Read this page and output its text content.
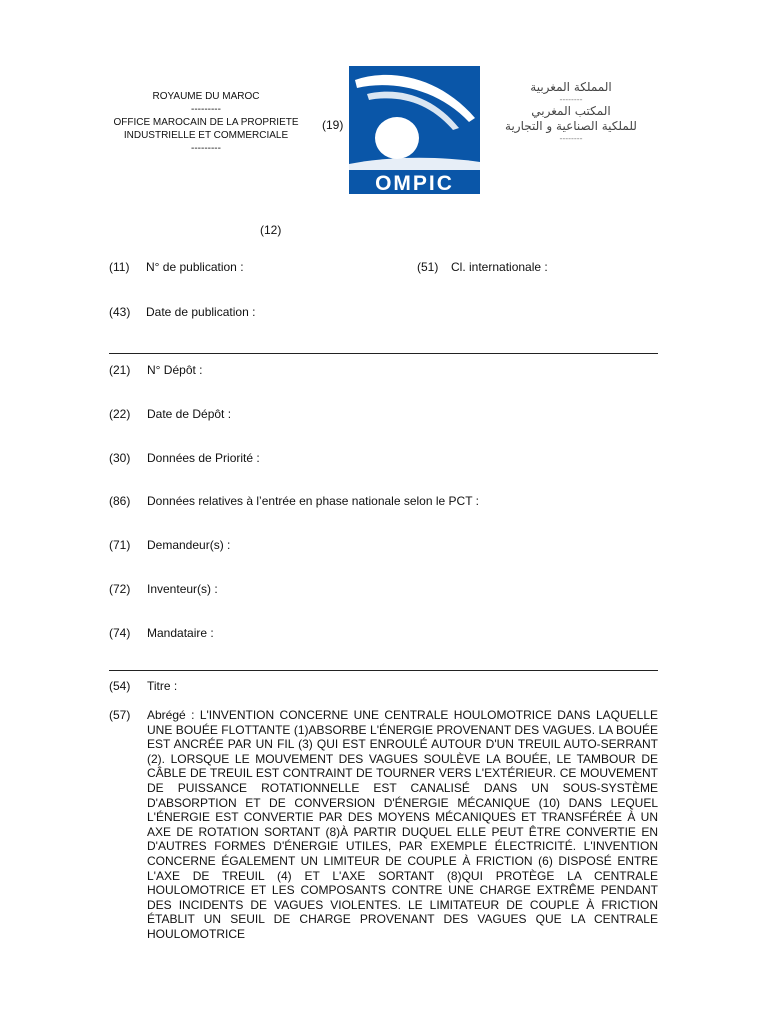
ROYAUME DU MAROC
---------
OFFICE MAROCAIN DE LA PROPRIETE
INDUSTRIELLE ET COMMERCIALE
---------
(19)
OMPIC
المملكة المغربية
--------
المكتب المغربي
للملكية الصناعية و التجارية
--------
(12)
(11) N° de publication :	(51) Cl. internationale :
(43) Date de publication :
(21) N° Dépôt :
(22) Date de Dépôt :
(30) Données de Priorité :
(86) Données relatives à l’entrée en phase nationale selon le PCT :
(71) Demandeur(s) :
(72) Inventeur(s) :
(74) Mandataire :
(54) Titre :
(57) Abrégé : L'INVENTION CONCERNE UNE CENTRALE HOULOMOTRICE DANS LAQUELLE UNE BOUÉE FLOTTANTE (1)ABSORBE L'ÉNERGIE PROVENANT DES VAGUES. LA BOUÉE EST ANCRÉE PAR UN FIL (3) QUI EST ENROULÉ AUTOUR D'UN TREUIL AUTO-SERRANT (2). LORSQUE LE MOUVEMENT DES VAGUES SOULÈVE LA BOUÉE, LE TAMBOUR DE CÂBLE DE TREUIL EST CONTRAINT DE TOURNER VERS L'EXTÉRIEUR. CE MOUVEMENT DE PUISSANCE ROTATIONNELLE EST CANALISÉ DANS UN SOUS-SYSTÈME D'ABSORPTION ET DE CONVERSION D'ÉNERGIE MÉCANIQUE (10) DANS LEQUEL L'ÉNERGIE EST CONVERTIE PAR DES MOYENS MÉCANIQUES ET TRANSFÉRÉE À UN AXE DE ROTATION SORTANT (8)À PARTIR DUQUEL ELLE PEUT ÊTRE CONVERTIE EN D'AUTRES FORMES D'ÉNERGIE UTILES, PAR EXEMPLE ÉLECTRICITÉ. L'INVENTION CONCERNE ÉGALEMENT UN LIMITEUR DE COUPLE À FRICTION (6) DISPOSÉ ENTRE L'AXE DE TREUIL (4) ET L'AXE SORTANT (8)QUI PROTÈGE LA CENTRALE HOULOMOTRICE ET LES COMPOSANTS CONTRE UNE CHARGE EXTRÊME PENDANT DES INCIDENTS DE VAGUES VIOLENTES. LE LIMITATEUR DE COUPLE À FRICTION ÉTABLIT UN SEUIL DE CHARGE PROVENANT DES VAGUES QUE LA CENTRALE HOULOMOTRICE
